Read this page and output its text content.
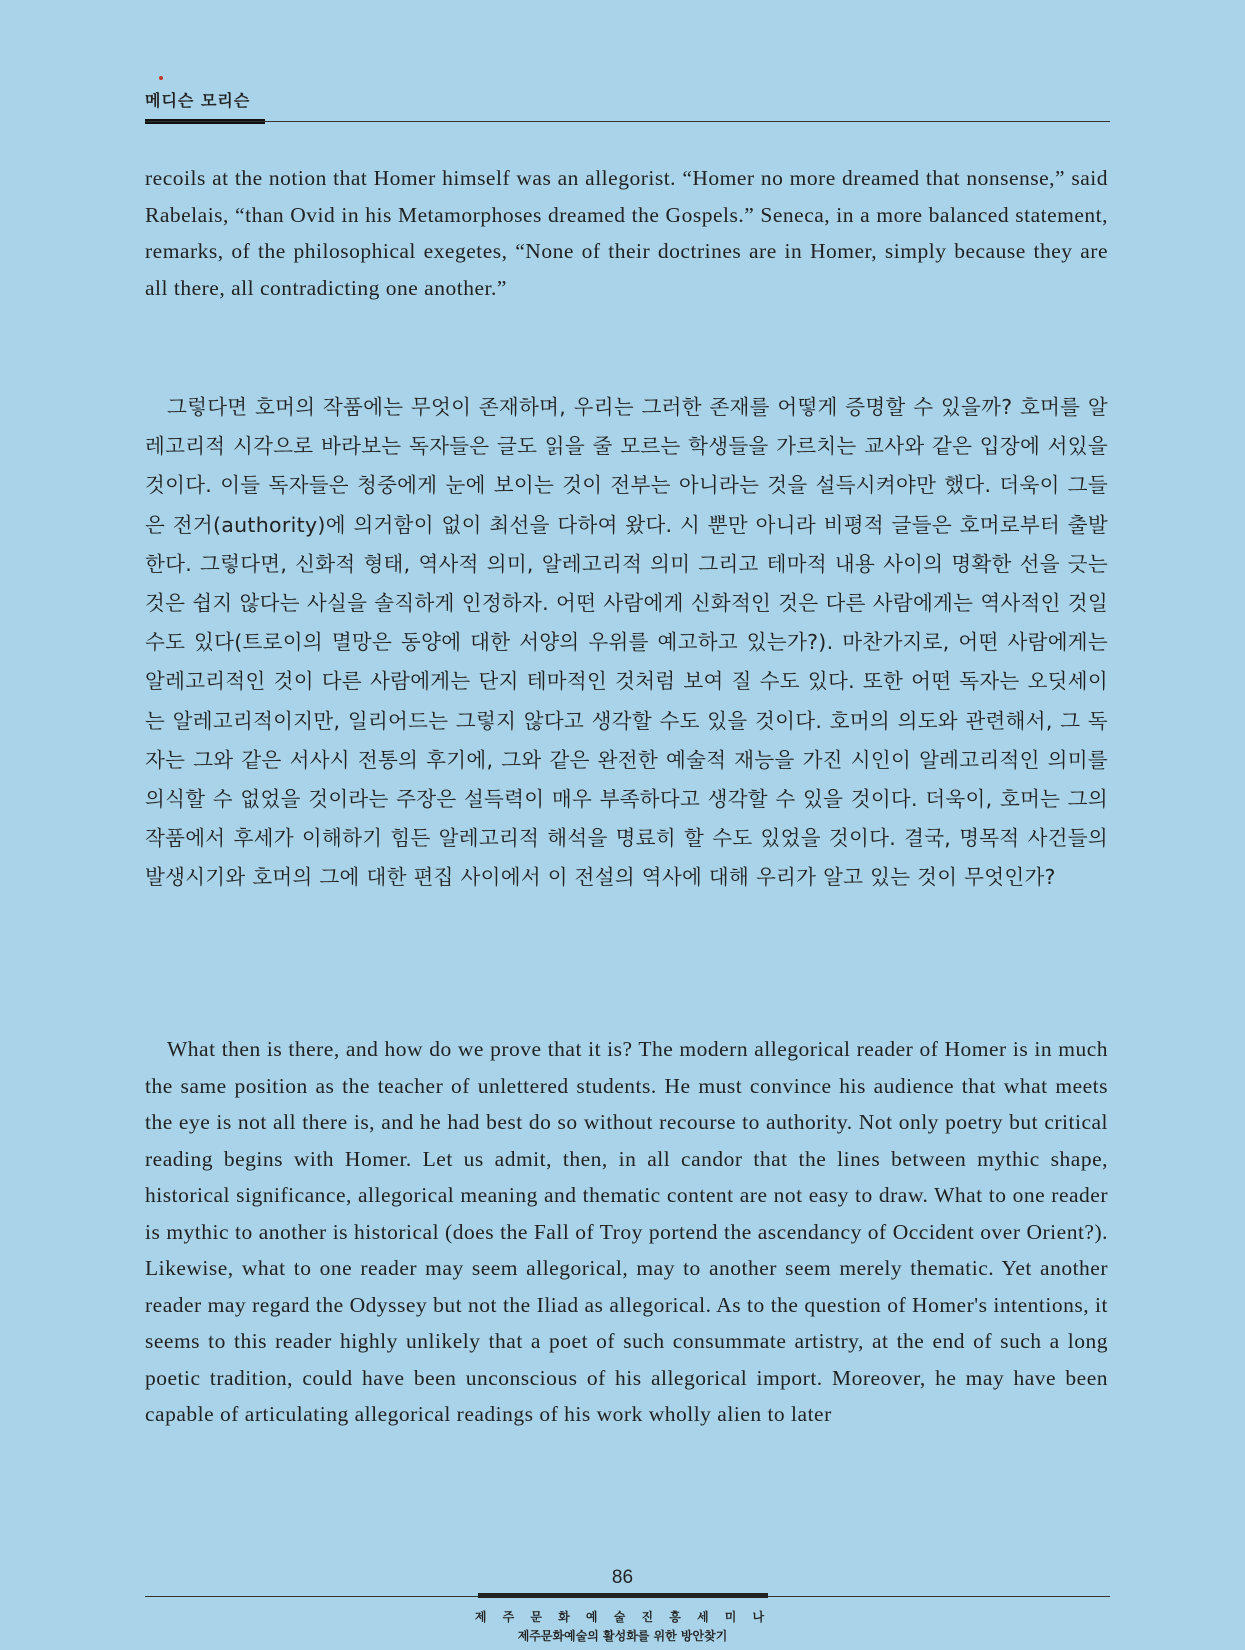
메디슨 모리슨

recoils at the notion that Homer himself was an allegorist. “Homer no more dreamed that nonsense,” said Rabelais, “than Ovid in his Metamorphoses dreamed the Gospels.” Seneca, in a more balanced statement, remarks, of the philosophical exegetes, “None of their doctrines are in Homer, simply because they are all there, all contradicting one another.”

그렇다면 호머의 작품에는 무엇이 존재하며, 우리는 그러한 존재를 어떻게 증명할 수 있을까? 호머를 알레고리적 시각으로 바라보는 독자들은 글도 읽을 줄 모르는 학생들을 가르치는 교사와 같은 입장에 서있을 것이다. 이들 독자들은 청중에게 눈에 보이는 것이 전부는 아니라는 것을 설득시켜야만 했다. 더욱이 그들은 전거(authority)에 의거함이 없이 최선을 다하여 왔다. 시 뿐만 아니라 비평적 글들은 호머로부터 출발한다. 그렇다면, 신화적 형태, 역사적 의미, 알레고리적 의미 그리고 테마적 내용 사이의 명확한 선을 긋는 것은 쉽지 않다는 사실을 솔직하게 인정하자. 어떤 사람에게 신화적인 것은 다른 사람에게는 역사적인 것일 수도 있다(트로이의 멸망은 동양에 대한 서양의 우위를 예고하고 있는가?). 마찬가지로, 어떤 사람에게는 알레고리적인 것이 다른 사람에게는 단지 테마적인 것처럼 보여 질 수도 있다. 또한 어떤 독자는 오딧세이는 알레고리적이지만, 일리어드는 그렇지 않다고 생각할 수도 있을 것이다. 호머의 의도와 관련해서, 그 독자는 그와 같은 서사시 전통의 후기에, 그와 같은 완전한 예술적 재능을 가진 시인이 알레고리적인 의미를 의식할 수 없었을 것이라는 주장은 설득력이 매우 부족하다고 생각할 수 있을 것이다. 더욱이, 호머는 그의 작품에서 후세가 이해하기 힘든 알레고리적 해석을 명료히 할 수도 있었을 것이다. 결국, 명목적 사건들의 발생시기와 호머의 그에 대한 편집 사이에서 이 전설의 역사에 대해 우리가 알고 있는 것이 무엇인가?

What then is there, and how do we prove that it is? The modern allegorical reader of Homer is in much the same position as the teacher of unlettered students. He must convince his audience that what meets the eye is not all there is, and he had best do so without recourse to authority. Not only poetry but critical reading begins with Homer. Let us admit, then, in all candor that the lines between mythic shape, historical significance, allegorical meaning and thematic content are not easy to draw. What to one reader is mythic to another is historical (does the Fall of Troy portend the ascendancy of Occident over Orient?). Likewise, what to one reader may seem allegorical, may to another seem merely thematic. Yet another reader may regard the Odyssey but not the Iliad as allegorical. As to the question of Homer's intentions, it seems to this reader highly unlikely that a poet of such consummate artistry, at the end of such a long poetic tradition, could have been unconscious of his allegorical import. Moreover, he may have been capable of articulating allegorical readings of his work wholly alien to later

86
제 주 문 화 예 술 진 흥 세 미 나
제주문화예술의 활성화를 위한 방안찾기
